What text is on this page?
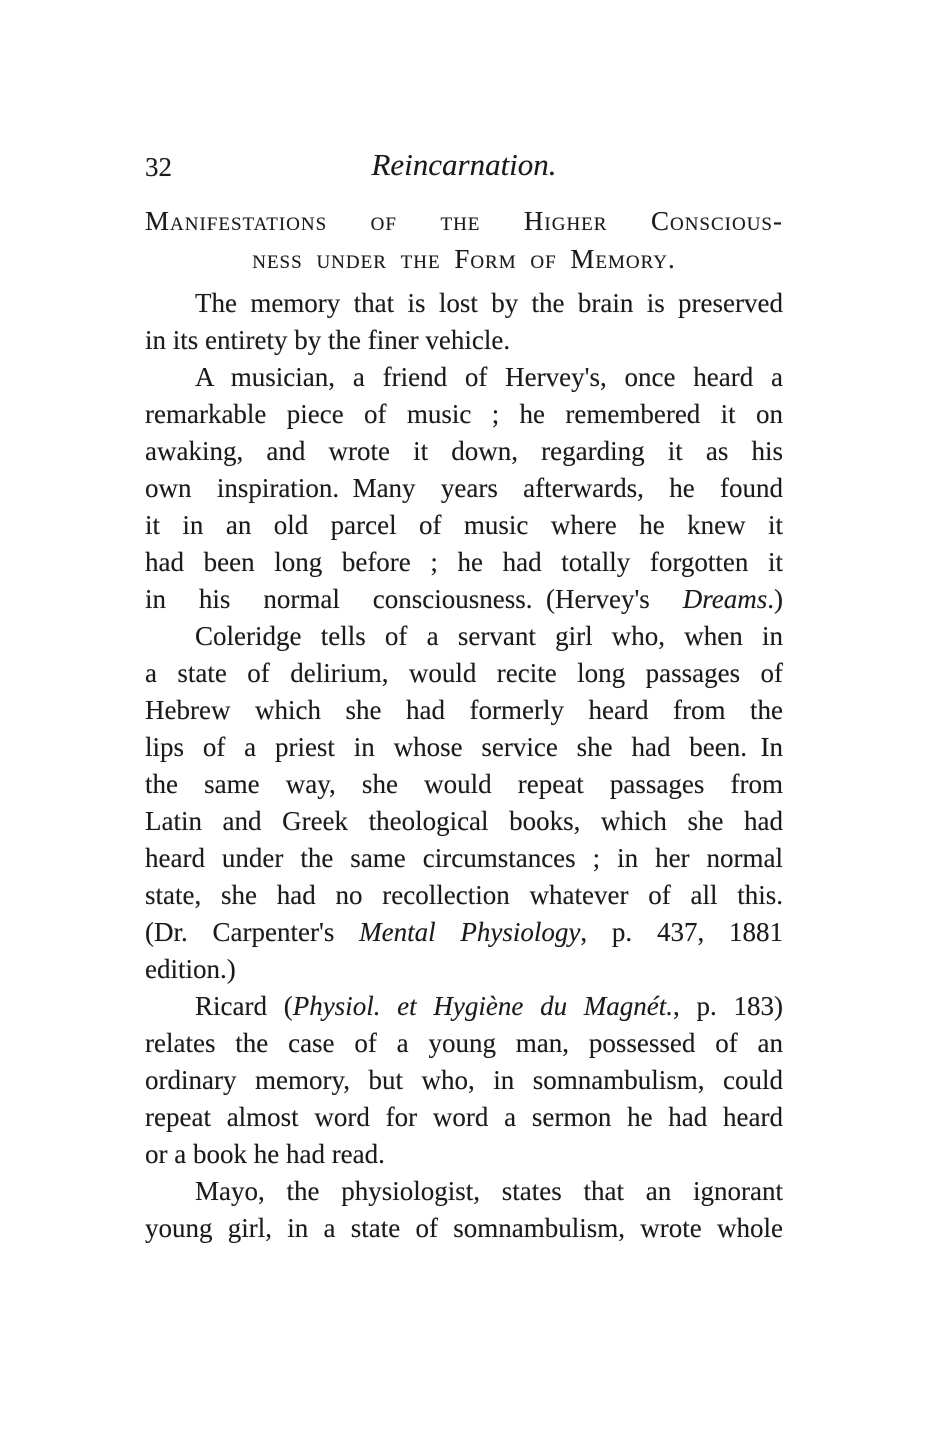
32	Reincarnation.
Manifestations of the Higher Conscious-
ness under the Form of Memory.
The memory that is lost by the brain is preserved
in its entirety by the finer vehicle.
A musician, a friend of Hervey's, once heard a
remarkable piece of music ; he remembered it on
awaking, and wrote it down, regarding it as his
own inspiration. Many years afterwards, he found
it in an old parcel of music where he knew it
had been long before ; he had totally forgotten it
in his normal consciousness. (Hervey's Dreams.)
Coleridge tells of a servant girl who, when in
a state of delirium, would recite long passages of
Hebrew which she had formerly heard from the
lips of a priest in whose service she had been. In
the same way, she would repeat passages from
Latin and Greek theological books, which she had
heard under the same circumstances ; in her normal
state, she had no recollection whatever of all this.
(Dr. Carpenter's Mental Physiology, p. 437, 1881
edition.)
Ricard (Physiol. et Hygiène du Magnét., p. 183)
relates the case of a young man, possessed of an
ordinary memory, but who, in somnambulism, could
repeat almost word for word a sermon he had heard
or a book he had read.
Mayo, the physiologist, states that an ignorant
young girl, in a state of somnambulism, wrote whole
